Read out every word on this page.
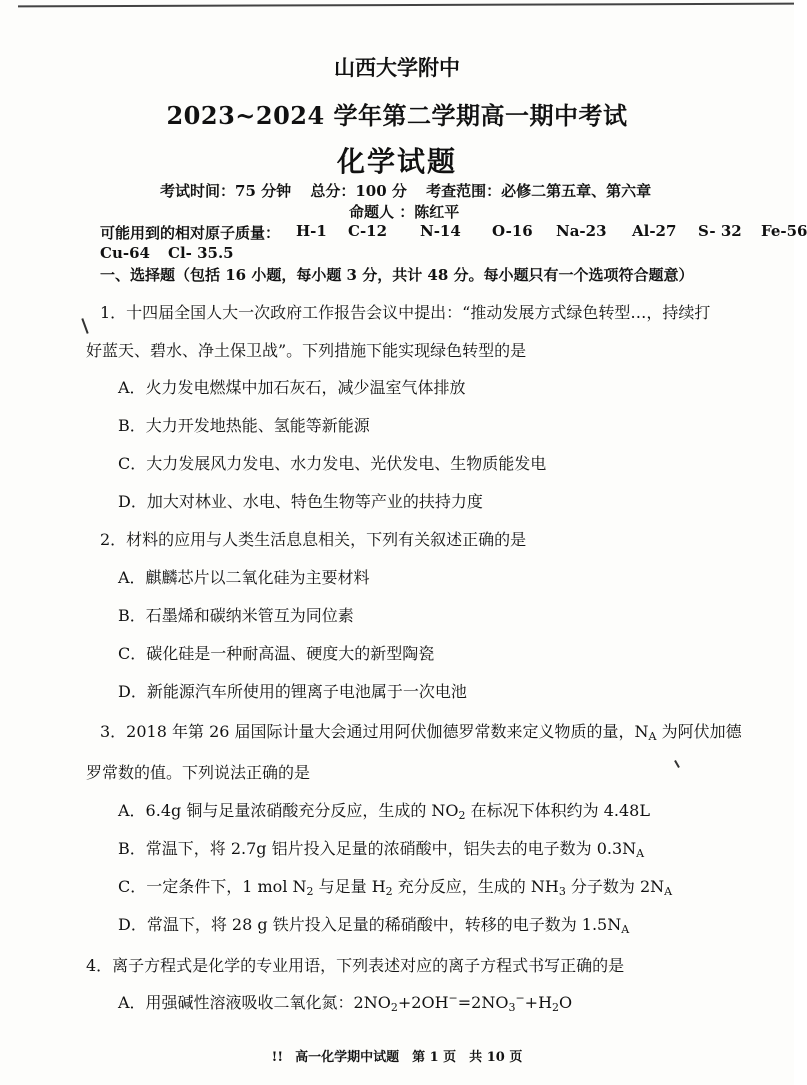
山西大学附中
2023~2024 学年第二学期高一期中考试
化学试题
考试时间：75 分钟 总分：100 分 考查范围：必修二第五章、第六章
命题人 ：陈红平
可能用到的相对原子质量： H-1 C-12 N-14 O-16 Na-23 Al-27 S- 32 Fe-56
Cu-64 Cl- 35.5
一、选择题（包括 16 小题，每小题 3 分，共计 48 分。每小题只有一个选项符合题意）
1．十四届全国人大一次政府工作报告会议中提出：“推动发展方式绿色转型…，持续打
好蓝天、碧水、净土保卫战”。下列措施下能实现绿色转型的是
A．火力发电燃煤中加石灰石，减少温室气体排放
B．大力开发地热能、氢能等新能源
C．大力发展风力发电、水力发电、光伏发电、生物质能发电
D．加大对林业、水电、特色生物等产业的扶持力度
2．材料的应用与人类生活息息相关，下列有关叙述正确的是
A．麒麟芯片以二氧化硅为主要材料
B．石墨烯和碳纳米管互为同位素
C．碳化硅是一种耐高温、硬度大的新型陶瓷
D．新能源汽车所使用的锂离子电池属于一次电池
3．2018 年第 26 届国际计量大会通过用阿伏伽德罗常数来定义物质的量，$N_A$ 为阿伏加德
罗常数的值。下列说法正确的是
A．6.4g 铜与足量浓硝酸充分反应，生成的 $NO_2$ 在标况下体积约为 4.48L
B．常温下，将 2.7g 铝片投入足量的浓硝酸中，铝失去的电子数为 $0.3N_A$
C．一定条件下，1 mol $N_2$ 与足量 $H_2$ 充分反应，生成的 $NH_3$ 分子数为 $2N_A$
D．常温下，将 28 g 铁片投入足量的稀硝酸中，转移的电子数为 $1.5N_A$
4．离子方程式是化学的专业用语，下列表述对应的离子方程式书写正确的是
A．用强碱性溶液吸收二氧化氮：$2NO_2+2OH^-=2NO_3^-+H_2O$
!! 高一化学期中试题　第 1 页　共 10 页
